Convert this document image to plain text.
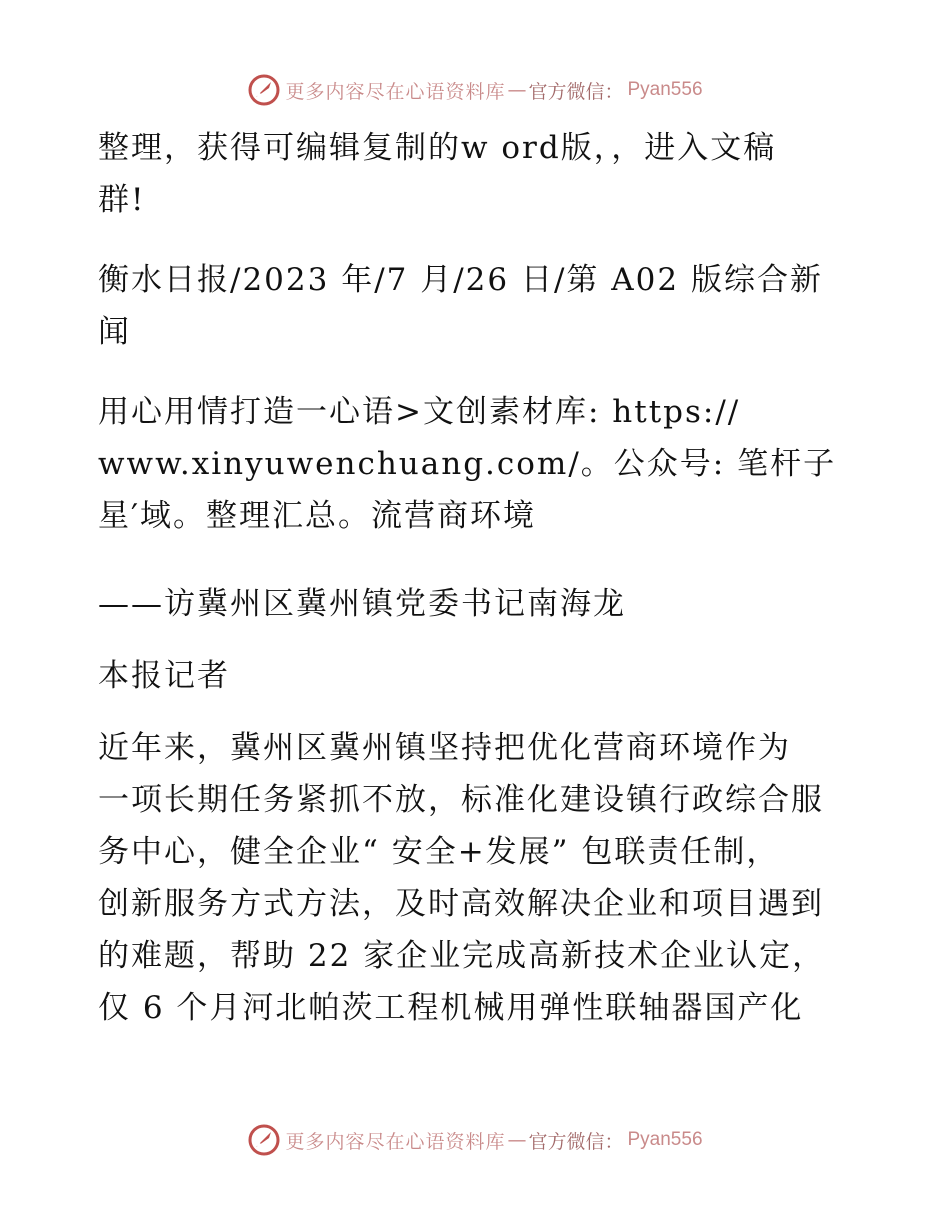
更多内容尽在心语资料库 — 官方微信： Pyan556
整理，获得可编辑复制的w ord版，，进入文稿
群!
衡水日报/2023 年/7 月/26 日/第 A02 版综合新
闻
用心用情打造一心语>文创素材库: https://
www.xinyuwenchuang.com/。公众号: 笔杆子
星′域。整理汇总。流营商环境
——访冀州区冀州镇党委书记南海龙
本报记者
近年来，冀州区冀州镇坚持把优化营商环境作为
一项长期任务紧抓不放，标准化建设镇行政综合服
务中心，健全企业“ 安全+发展” 包联责任制，
创新服务方式方法，及时高效解决企业和项目遇到
的难题，帮助 22 家企业完成高新技术企业认定，
仅 6 个月河北帕茨工程机械用弹性联轴器国产化
更多内容尽在心语资料库 — 官方微信： Pyan556
